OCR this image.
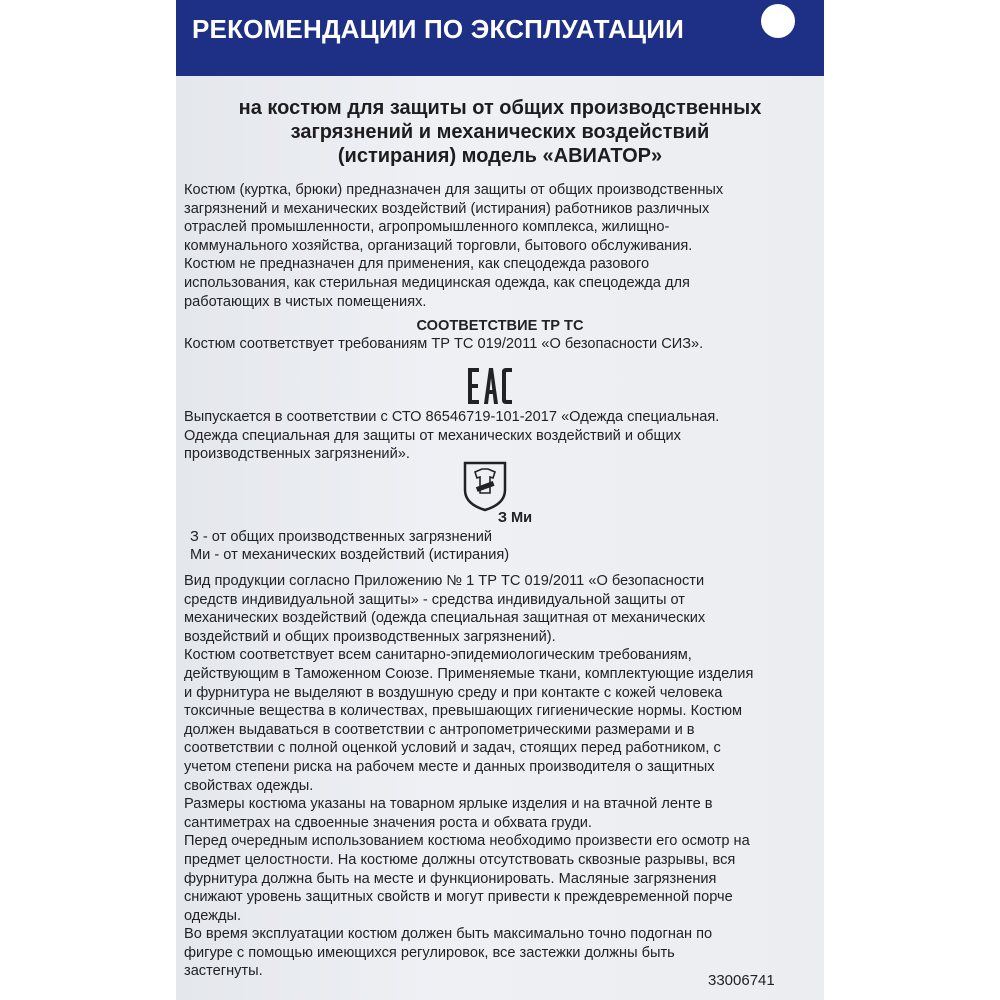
РЕКОМЕНДАЦИИ ПО ЭКСПЛУАТАЦИИ
на костюм для защиты от общих производственных
загрязнений и механических воздействий
(истирания) модель «АВИАТОР»
Костюм (куртка, брюки) предназначен для защиты от общих производственных
загрязнений и механических воздействий (истирания) работников различных
отраслей промышленности, агропромышленного комплекса, жилищно-
коммунального хозяйства, организаций торговли, бытового обслуживания.
Костюм не предназначен для применения, как спецодежда разового
использования, как стерильная медицинская одежда, как спецодежда для
работающих в чистых помещениях.
СООТВЕТСТВИЕ ТР ТС
Костюм соответствует требованиям ТР ТС 019/2011 «О безопасности СИЗ».
Выпускается в соответствии с СТО 86546719-101-2017 «Одежда специальная.
Одежда специальная для защиты от механических воздействий и общих
производственных загрязнений».
З Ми
З - от общих производственных загрязнений
Ми - от механических воздействий (истирания)
Вид продукции согласно Приложению № 1 ТР ТС 019/2011 «О безопасности
средств индивидуальной защиты» - средства индивидуальной защиты от
механических воздействий (одежда специальная защитная от механических
воздействий и общих производственных загрязнений).
Костюм соответствует всем санитарно-эпидемиологическим требованиям,
действующим в Таможенном Союзе. Применяемые ткани, комплектующие изделия
и фурнитура не выделяют в воздушную среду и при контакте с кожей человека
токсичные вещества в количествах, превышающих гигиенические нормы. Костюм
должен выдаваться в соответствии с антропометрическими размерами и в
соответствии с полной оценкой условий и задач, стоящих перед работником, с
учетом степени риска на рабочем месте и данных производителя о защитных
свойствах одежды.
Размеры костюма указаны на товарном ярлыке изделия и на втачной ленте в
сантиметрах на сдвоенные значения роста и обхвата груди.
Перед очередным использованием костюма необходимо произвести его осмотр на
предмет целостности. На костюме должны отсутствовать сквозные разрывы, вся
фурнитура должна быть на месте и функционировать. Масляные загрязнения
снижают уровень защитных свойств и могут привести к преждевременной порче
одежды.
Во время эксплуатации костюм должен быть максимально точно подогнан по
фигуре с помощью имеющихся регулировок, все застежки должны быть
застегнуты.
33006741
